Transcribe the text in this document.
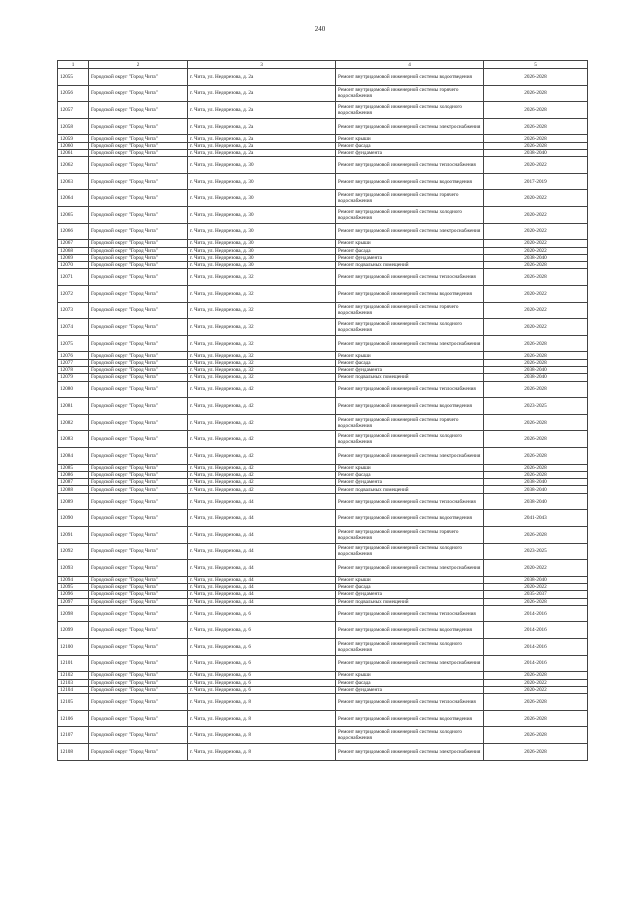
240
1	2	3	4	5
12055	Городской округ "Город Чита"	г. Чита, ул. Недорезова, д. 2а	Ремонт внутридомовой инженерной системы водоотведения	2026-2028
12056	Городской округ "Город Чита"	г. Чита, ул. Недорезова, д. 2а	Ремонт внутридомовой инженерной системы горячего водоснабжения	2026-2028
12057	Городской округ "Город Чита"	г. Чита, ул. Недорезова, д. 2а	Ремонт внутридомовой инженерной системы холодного водоснабжения	2026-2028
12058	Городской округ "Город Чита"	г. Чита, ул. Недорезова, д. 2а	Ремонт внутридомовой инженерной системы электроснабжения	2026-2028
12059	Городской округ "Город Чита"	г. Чита, ул. Недорезова, д. 2а	Ремонт крыши	2026-2028
12060	Городской округ "Город Чита"	г. Чита, ул. Недорезова, д. 2а	Ремонт фасада	2026-2028
12061	Городской округ "Город Чита"	г. Чита, ул. Недорезова, д. 2а	Ремонт фундамента	2038-2040
12062	Городской округ "Город Чита"	г. Чита, ул. Недорезова, д. 30	Ремонт внутридомовой инженерной системы теплоснабжения	2020-2022
12063	Городской округ "Город Чита"	г. Чита, ул. Недорезова, д. 30	Ремонт внутридомовой инженерной системы водоотведения	2017-2019
12064	Городской округ "Город Чита"	г. Чита, ул. Недорезова, д. 30	Ремонт внутридомовой инженерной системы горячего водоснабжения	2020-2022
12065	Городской округ "Город Чита"	г. Чита, ул. Недорезова, д. 30	Ремонт внутридомовой инженерной системы холодного водоснабжения	2020-2022
12066	Городской округ "Город Чита"	г. Чита, ул. Недорезова, д. 30	Ремонт внутридомовой инженерной системы электроснабжения	2020-2022
12067	Городской округ "Город Чита"	г. Чита, ул. Недорезова, д. 30	Ремонт крыши	2020-2022
12068	Городской округ "Город Чита"	г. Чита, ул. Недорезова, д. 30	Ремонт фасада	2020-2022
12069	Городской округ "Город Чита"	г. Чита, ул. Недорезова, д. 30	Ремонт фундамента	2038-2040
12070	Городской округ "Город Чита"	г. Чита, ул. Недорезова, д. 30	Ремонт подвальных помещений	2026-2028
12071	Городской округ "Город Чита"	г. Чита, ул. Недорезова, д. 32	Ремонт внутридомовой инженерной системы теплоснабжения	2026-2028
12072	Городской округ "Город Чита"	г. Чита, ул. Недорезова, д. 32	Ремонт внутридомовой инженерной системы водоотведения	2020-2022
12073	Городской округ "Город Чита"	г. Чита, ул. Недорезова, д. 32	Ремонт внутридомовой инженерной системы горячего водоснабжения	2020-2022
12074	Городской округ "Город Чита"	г. Чита, ул. Недорезова, д. 32	Ремонт внутридомовой инженерной системы холодного водоснабжения	2020-2022
12075	Городской округ "Город Чита"	г. Чита, ул. Недорезова, д. 32	Ремонт внутридомовой инженерной системы электроснабжения	2026-2028
12076	Городской округ "Город Чита"	г. Чита, ул. Недорезова, д. 32	Ремонт крыши	2026-2028
12077	Городской округ "Город Чита"	г. Чита, ул. Недорезова, д. 32	Ремонт фасада	2026-2028
12078	Городской округ "Город Чита"	г. Чита, ул. Недорезова, д. 32	Ремонт фундамента	2038-2040
12079	Городской округ "Город Чита"	г. Чита, ул. Недорезова, д. 32	Ремонт подвальных помещений	2038-2040
12080	Городской округ "Город Чита"	г. Чита, ул. Недорезова, д. 42	Ремонт внутридомовой инженерной системы теплоснабжения	2026-2028
12081	Городской округ "Город Чита"	г. Чита, ул. Недорезова, д. 42	Ремонт внутридомовой инженерной системы водоотведения	2023-2025
12082	Городской округ "Город Чита"	г. Чита, ул. Недорезова, д. 42	Ремонт внутридомовой инженерной системы горячего водоснабжения	2026-2028
12083	Городской округ "Город Чита"	г. Чита, ул. Недорезова, д. 42	Ремонт внутридомовой инженерной системы холодного водоснабжения	2026-2028
12084	Городской округ "Город Чита"	г. Чита, ул. Недорезова, д. 42	Ремонт внутридомовой инженерной системы электроснабжения	2026-2028
12085	Городской округ "Город Чита"	г. Чита, ул. Недорезова, д. 42	Ремонт крыши	2026-2028
12086	Городской округ "Город Чита"	г. Чита, ул. Недорезова, д. 42	Ремонт фасада	2026-2028
12087	Городской округ "Город Чита"	г. Чита, ул. Недорезова, д. 42	Ремонт фундамента	2038-2040
12088	Городской округ "Город Чита"	г. Чита, ул. Недорезова, д. 42	Ремонт подвальных помещений	2038-2040
12089	Городской округ "Город Чита"	г. Чита, ул. Недорезова, д. 44	Ремонт внутридомовой инженерной системы теплоснабжения	2038-2040
12090	Городской округ "Город Чита"	г. Чита, ул. Недорезова, д. 44	Ремонт внутридомовой инженерной системы водоотведения	2041-2043
12091	Городской округ "Город Чита"	г. Чита, ул. Недорезова, д. 44	Ремонт внутридомовой инженерной системы горячего водоснабжения	2026-2028
12092	Городской округ "Город Чита"	г. Чита, ул. Недорезова, д. 44	Ремонт внутридомовой инженерной системы холодного водоснабжения	2023-2025
12093	Городской округ "Город Чита"	г. Чита, ул. Недорезова, д. 44	Ремонт внутридомовой инженерной системы электроснабжения	2020-2022
12094	Городской округ "Город Чита"	г. Чита, ул. Недорезова, д. 44	Ремонт крыши	2038-2040
12095	Городской округ "Город Чита"	г. Чита, ул. Недорезова, д. 44	Ремонт фасада	2020-2022
12096	Городской округ "Город Чита"	г. Чита, ул. Недорезова, д. 44	Ремонт фундамента	2035-2037
12097	Городской округ "Город Чита"	г. Чита, ул. Недорезова, д. 44	Ремонт подвальных помещений	2026-2028
12098	Городской округ "Город Чита"	г. Чита, ул. Недорезова, д. 6	Ремонт внутридомовой инженерной системы теплоснабжения	2014-2016
12099	Городской округ "Город Чита"	г. Чита, ул. Недорезова, д. 6	Ремонт внутридомовой инженерной системы водоотведения	2014-2016
12100	Городской округ "Город Чита"	г. Чита, ул. Недорезова, д. 6	Ремонт внутридомовой инженерной системы холодного водоснабжения	2014-2016
12101	Городской округ "Город Чита"	г. Чита, ул. Недорезова, д. 6	Ремонт внутридомовой инженерной системы электроснабжения	2014-2016
12102	Городской округ "Город Чита"	г. Чита, ул. Недорезова, д. 6	Ремонт крыши	2026-2028
12103	Городской округ "Город Чита"	г. Чита, ул. Недорезова, д. 6	Ремонт фасада	2020-2022
12104	Городской округ "Город Чита"	г. Чита, ул. Недорезова, д. 6	Ремонт фундамента	2020-2022
12105	Городской округ "Город Чита"	г. Чита, ул. Недорезова, д. 8	Ремонт внутридомовой инженерной системы теплоснабжения	2026-2028
12106	Городской округ "Город Чита"	г. Чита, ул. Недорезова, д. 8	Ремонт внутридомовой инженерной системы водоотведения	2026-2028
12107	Городской округ "Город Чита"	г. Чита, ул. Недорезова, д. 8	Ремонт внутридомовой инженерной системы холодного водоснабжения	2026-2028
12108	Городской округ "Город Чита"	г. Чита, ул. Недорезова, д. 8	Ремонт внутридомовой инженерной системы электроснабжения	2026-2028
